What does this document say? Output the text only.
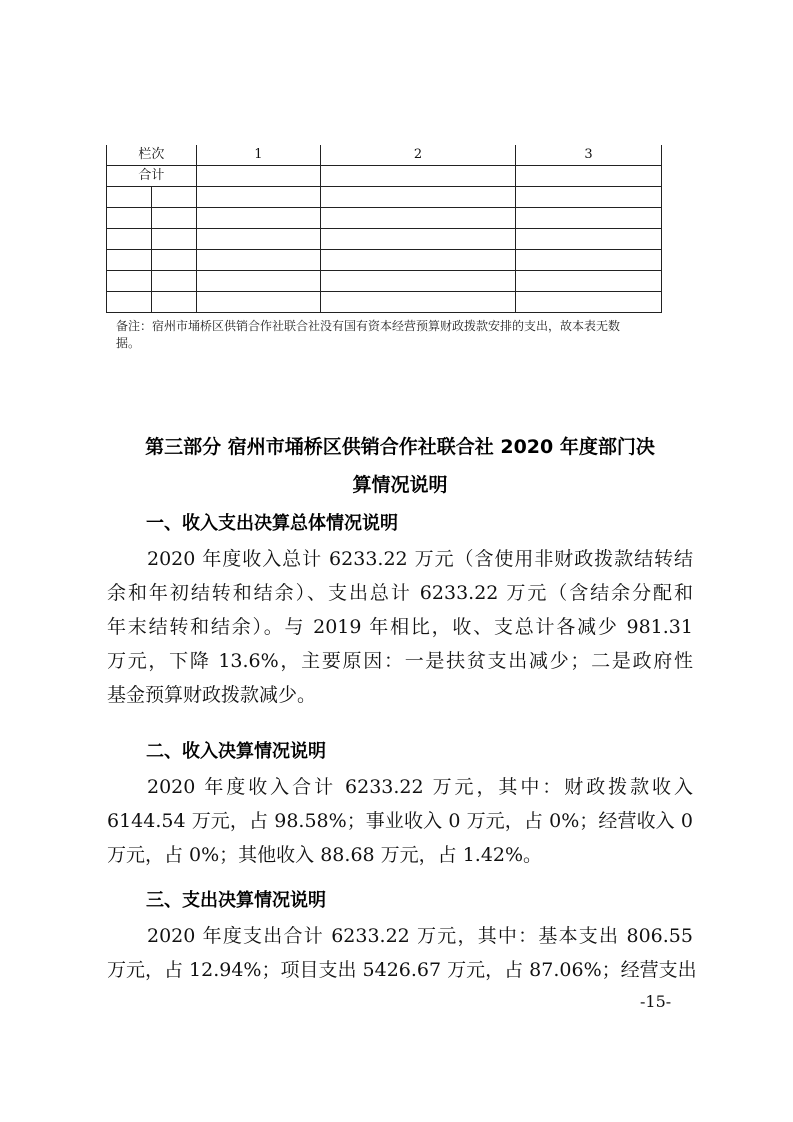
栏次		1	2	3
合计				

备注：宿州市埇桥区供销合作社联合社没有国有资本经营预算财政拨款安排的支出，故本表无数
据。
第三部分 宿州市埇桥区供销合作社联合社 2020 年度部门决
算情况说明
一、收入支出决算总体情况说明
2020 年度收入总计 6233.22 万元（含使用非财政拨款结转结
余和年初结转和结余）、支出总计 6233.22 万元（含结余分配和
年末结转和结余）。与 2019 年相比，收、支总计各减少 981.31
万元，下降 13.6%，主要原因：一是扶贫支出减少；二是政府性
基金预算财政拨款减少。
二、收入决算情况说明
2020 年度收入合计 6233.22 万元，其中：财政拨款收入
6144.54 万元，占 98.58%；事业收入 0 万元，占 0%；经营收入 0
万元，占 0%；其他收入 88.68 万元，占 1.42%。
三、支出决算情况说明
2020 年度支出合计 6233.22 万元，其中：基本支出 806.55
万元，占 12.94%；项目支出 5426.67 万元，占 87.06%；经营支出
-15-
